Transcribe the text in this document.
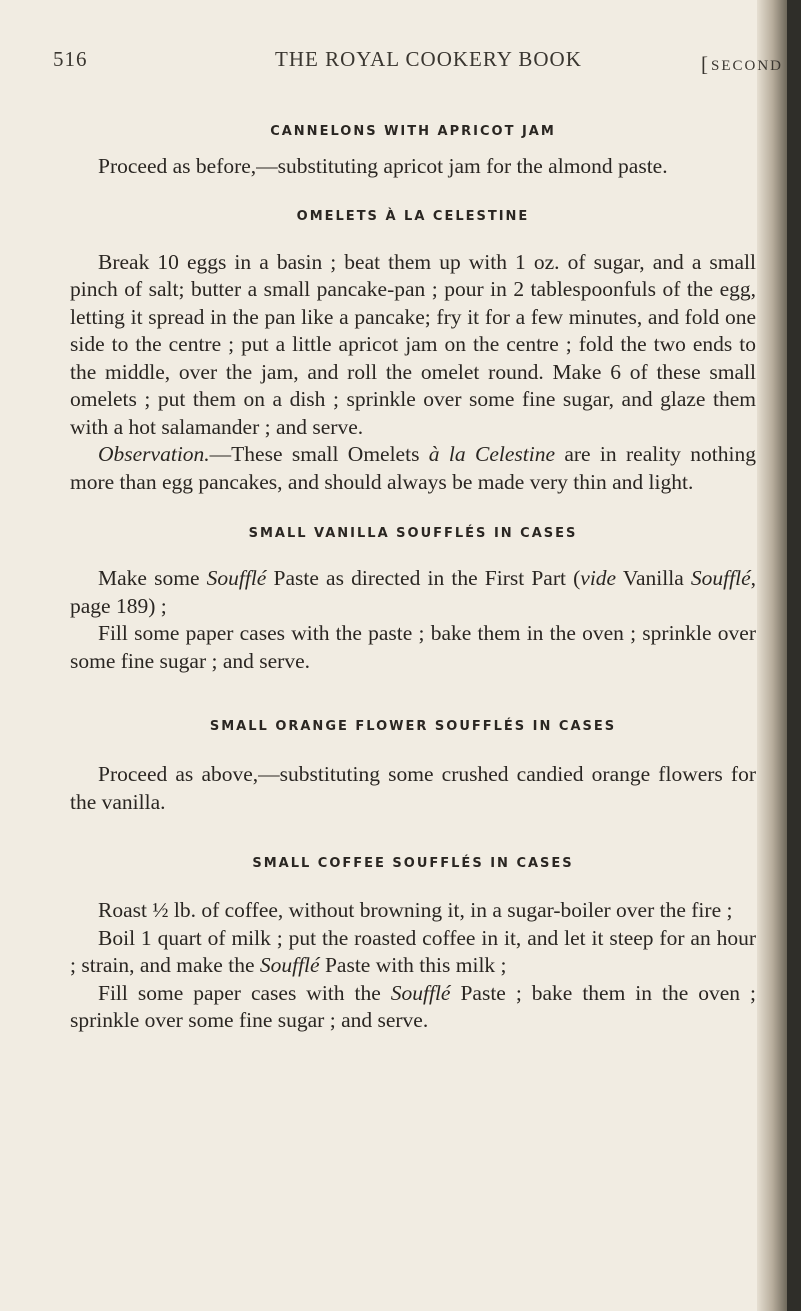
516	THE ROYAL COOKERY BOOK
[	SECOND
CANNELONS WITH APRICOT JAM

Proceed as before,—substituting apricot jam for the almond paste.

OMELETS À LA CELESTINE

Break 10 eggs in a basin ; beat them up with 1 oz. of sugar, and a small pinch of salt; butter a small pancake-pan ; pour in 2 tablespoonfuls of the egg, letting it spread in the pan like a pancake; fry it for a few minutes, and fold one side to the centre ; put a little apricot jam on the centre ; fold the two ends to the middle, over the jam, and roll the omelet round. Make 6 of these small omelets ; put them on a dish ; sprinkle over some fine sugar, and glaze them with a hot salamander ; and serve.

Observation.—These small Omelets à la Celestine are in reality nothing more than egg pancakes, and should always be made very thin and light.

SMALL VANILLA SOUFFLÉS IN CASES

Make some Soufflé Paste as directed in the First Part (vide Vanilla Soufflé, page 189) ;

Fill some paper cases with the paste ; bake them in the oven ; sprinkle over some fine sugar ; and serve.

SMALL ORANGE FLOWER SOUFFLÉS IN CASES

Proceed as above,—substituting some crushed candied orange flowers for the vanilla.

SMALL COFFEE SOUFFLÉS IN CASES

Roast ½ lb. of coffee, without browning it, in a sugar-boiler over the fire ;

Boil 1 quart of milk ; put the roasted coffee in it, and let it steep for an hour ; strain, and make the Soufflé Paste with this milk ;

Fill some paper cases with the Soufflé Paste ; bake them in the oven ; sprinkle over some fine sugar ; and serve.
